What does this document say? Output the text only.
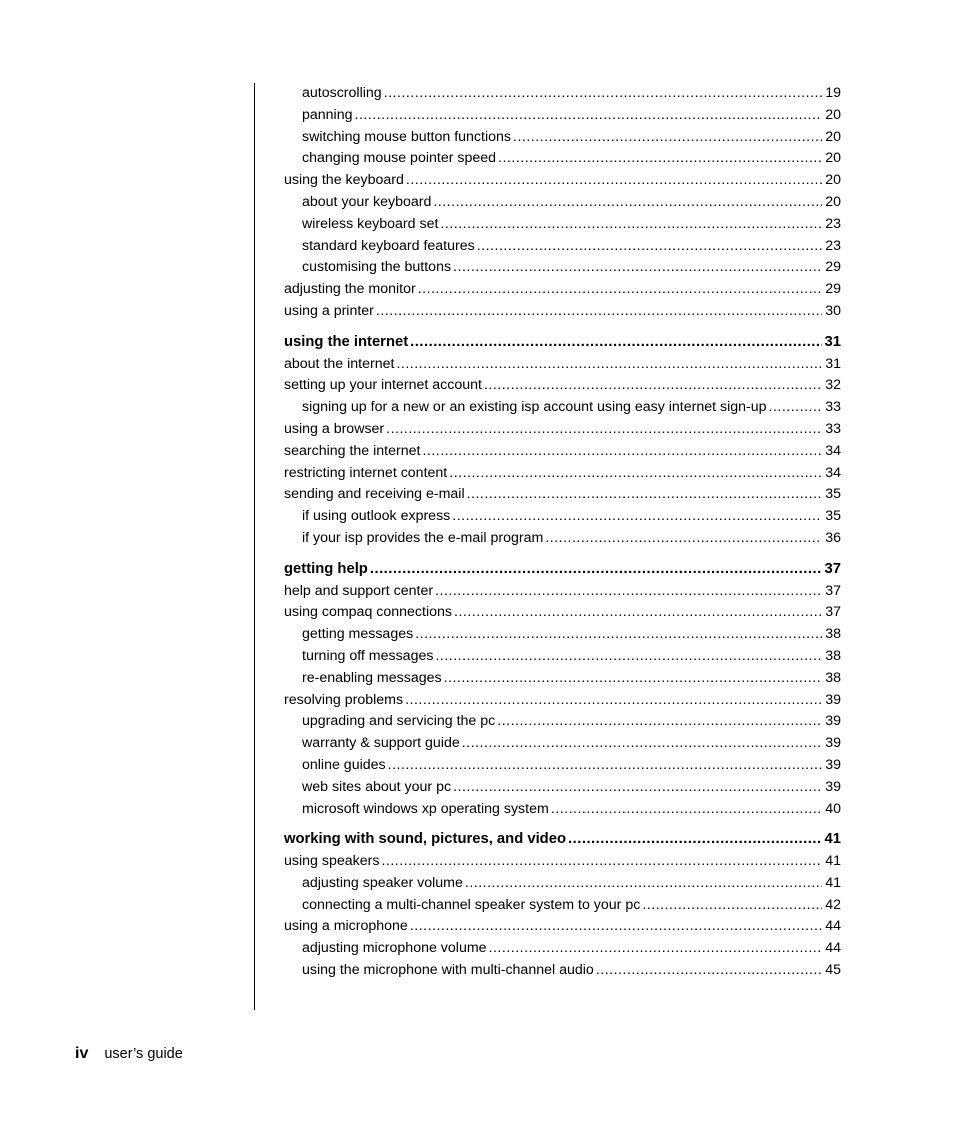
autoscrolling .....	19
panning .....	20
switching mouse button functions .....	20
changing mouse pointer speed .....	20
using the keyboard .....	20
about your keyboard .....	20
wireless keyboard set .....	23
standard keyboard features .....	23
customising the buttons .....	29
adjusting the monitor .....	29
using a printer .....	30
using the internet .....	31
about the internet .....	31
setting up your internet account .....	32
signing up for a new or an existing isp account using easy internet sign-up .....	33
using a browser .....	33
searching the internet .....	34
restricting internet content .....	34
sending and receiving e-mail .....	35
if using outlook express .....	35
if your isp provides the e-mail program .....	36
getting help .....	37
help and support center .....	37
using compaq connections .....	37
getting messages .....	38
turning off messages .....	38
re-enabling messages .....	38
resolving problems .....	39
upgrading and servicing the pc .....	39
warranty & support guide .....	39
online guides .....	39
web sites about your pc .....	39
microsoft windows xp operating system .....	40
working with sound, pictures, and video .....	41
using speakers .....	41
adjusting speaker volume .....	41
connecting a multi-channel speaker system to your pc .....	42
using a microphone .....	44
adjusting microphone volume .....	44
using the microphone with multi-channel audio .....	45
iv user’s guide
